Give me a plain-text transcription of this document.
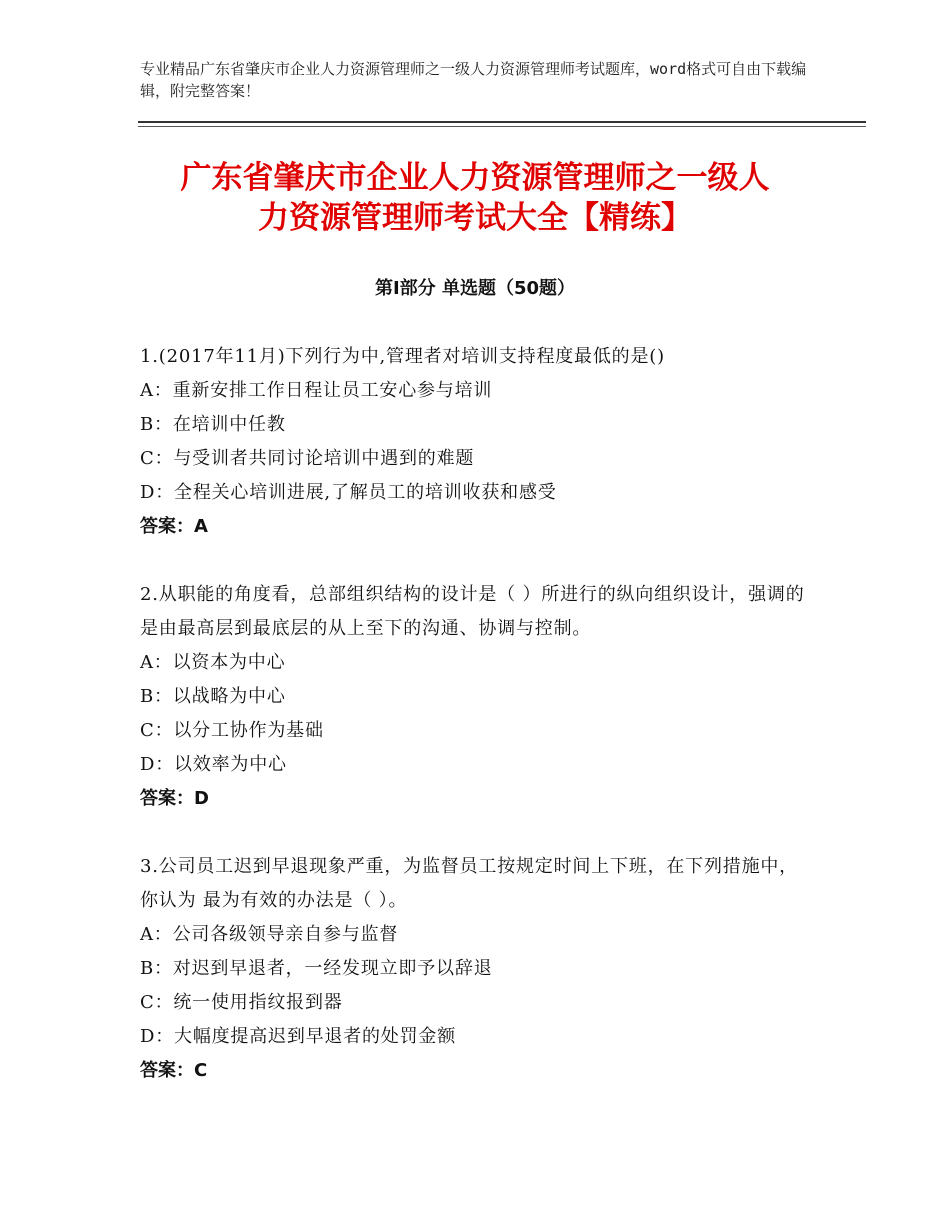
专业精品广东省肇庆市企业人力资源管理师之一级人力资源管理师考试题库，word格式可自由下载编辑，附完整答案！
广东省肇庆市企业人力资源管理师之一级人
力资源管理师考试大全【精练】
第Ⅰ部分 单选题（50题）
1.(2017年11月)下列行为中,管理者对培训支持程度最低的是()
A：重新安排工作日程让员工安心参与培训
B：在培训中任教
C：与受训者共同讨论培训中遇到的难题
D：全程关心培训进展,了解员工的培训收获和感受
答案：A
2.从职能的角度看，总部组织结构的设计是（ ）所进行的纵向组织设计，强调的是由最高层到最底层的从上至下的沟通、协调与控制。
A：以资本为中心
B：以战略为中心
C：以分工协作为基础
D：以效率为中心
答案：D
3.公司员工迟到早退现象严重，为监督员工按规定时间上下班，在下列措施中，你认为 最为有效的办法是（ ）。
A：公司各级领导亲自参与监督
B：对迟到早退者，一经发现立即予以辞退
C：统一使用指纹报到器
D：大幅度提高迟到早退者的处罚金额
答案：C
